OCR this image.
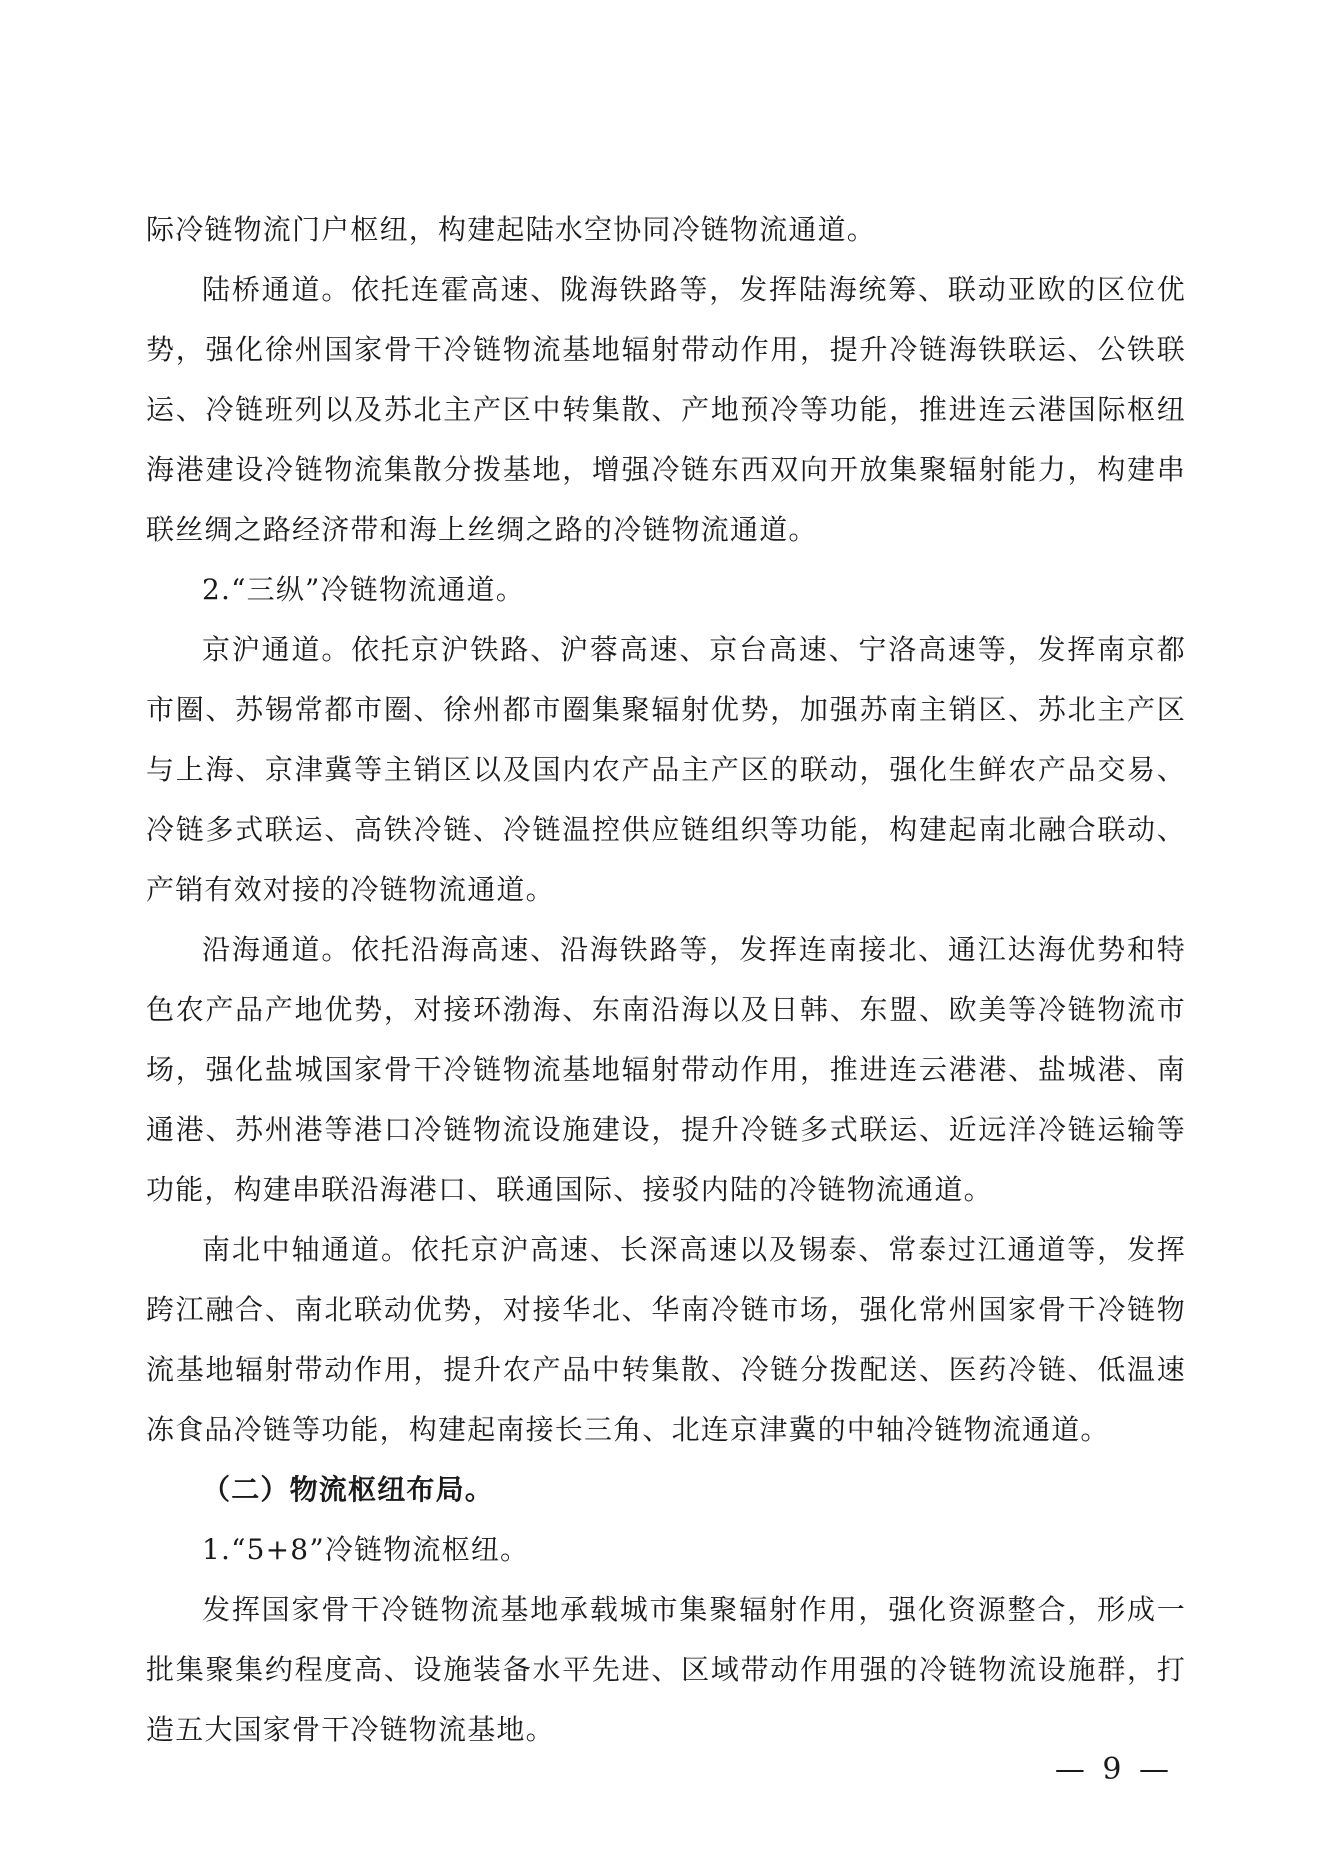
际冷链物流门户枢纽，构建起陆水空协同冷链物流通道。

陆桥通道。依托连霍高速、陇海铁路等，发挥陆海统筹、联动亚欧的区位优势，强化徐州国家骨干冷链物流基地辐射带动作用，提升冷链海铁联运、公铁联运、冷链班列以及苏北主产区中转集散、产地预冷等功能，推进连云港国际枢纽海港建设冷链物流集散分拨基地，增强冷链东西双向开放集聚辐射能力，构建串联丝绸之路经济带和海上丝绸之路的冷链物流通道。

2.“三纵”冷链物流通道。

京沪通道。依托京沪铁路、沪蓉高速、京台高速、宁洛高速等，发挥南京都市圈、苏锡常都市圈、徐州都市圈集聚辐射优势，加强苏南主销区、苏北主产区与上海、京津冀等主销区以及国内农产品主产区的联动，强化生鲜农产品交易、冷链多式联运、高铁冷链、冷链温控供应链组织等功能，构建起南北融合联动、产销有效对接的冷链物流通道。

沿海通道。依托沿海高速、沿海铁路等，发挥连南接北、通江达海优势和特色农产品产地优势，对接环渤海、东南沿海以及日韩、东盟、欧美等冷链物流市场，强化盐城国家骨干冷链物流基地辐射带动作用，推进连云港港、盐城港、南通港、苏州港等港口冷链物流设施建设，提升冷链多式联运、近远洋冷链运输等功能，构建串联沿海港口、联通国际、接驳内陆的冷链物流通道。

南北中轴通道。依托京沪高速、长深高速以及锡泰、常泰过江通道等，发挥跨江融合、南北联动优势，对接华北、华南冷链市场，强化常州国家骨干冷链物流基地辐射带动作用，提升农产品中转集散、冷链分拨配送、医药冷链、低温速冻食品冷链等功能，构建起南接长三角、北连京津冀的中轴冷链物流通道。

（二）物流枢纽布局。

1.“5+8”冷链物流枢纽。

发挥国家骨干冷链物流基地承载城市集聚辐射作用，强化资源整合，形成一批集聚集约程度高、设施装备水平先进、区域带动作用强的冷链物流设施群，打造五大国家骨干冷链物流基地。

— 9 —
